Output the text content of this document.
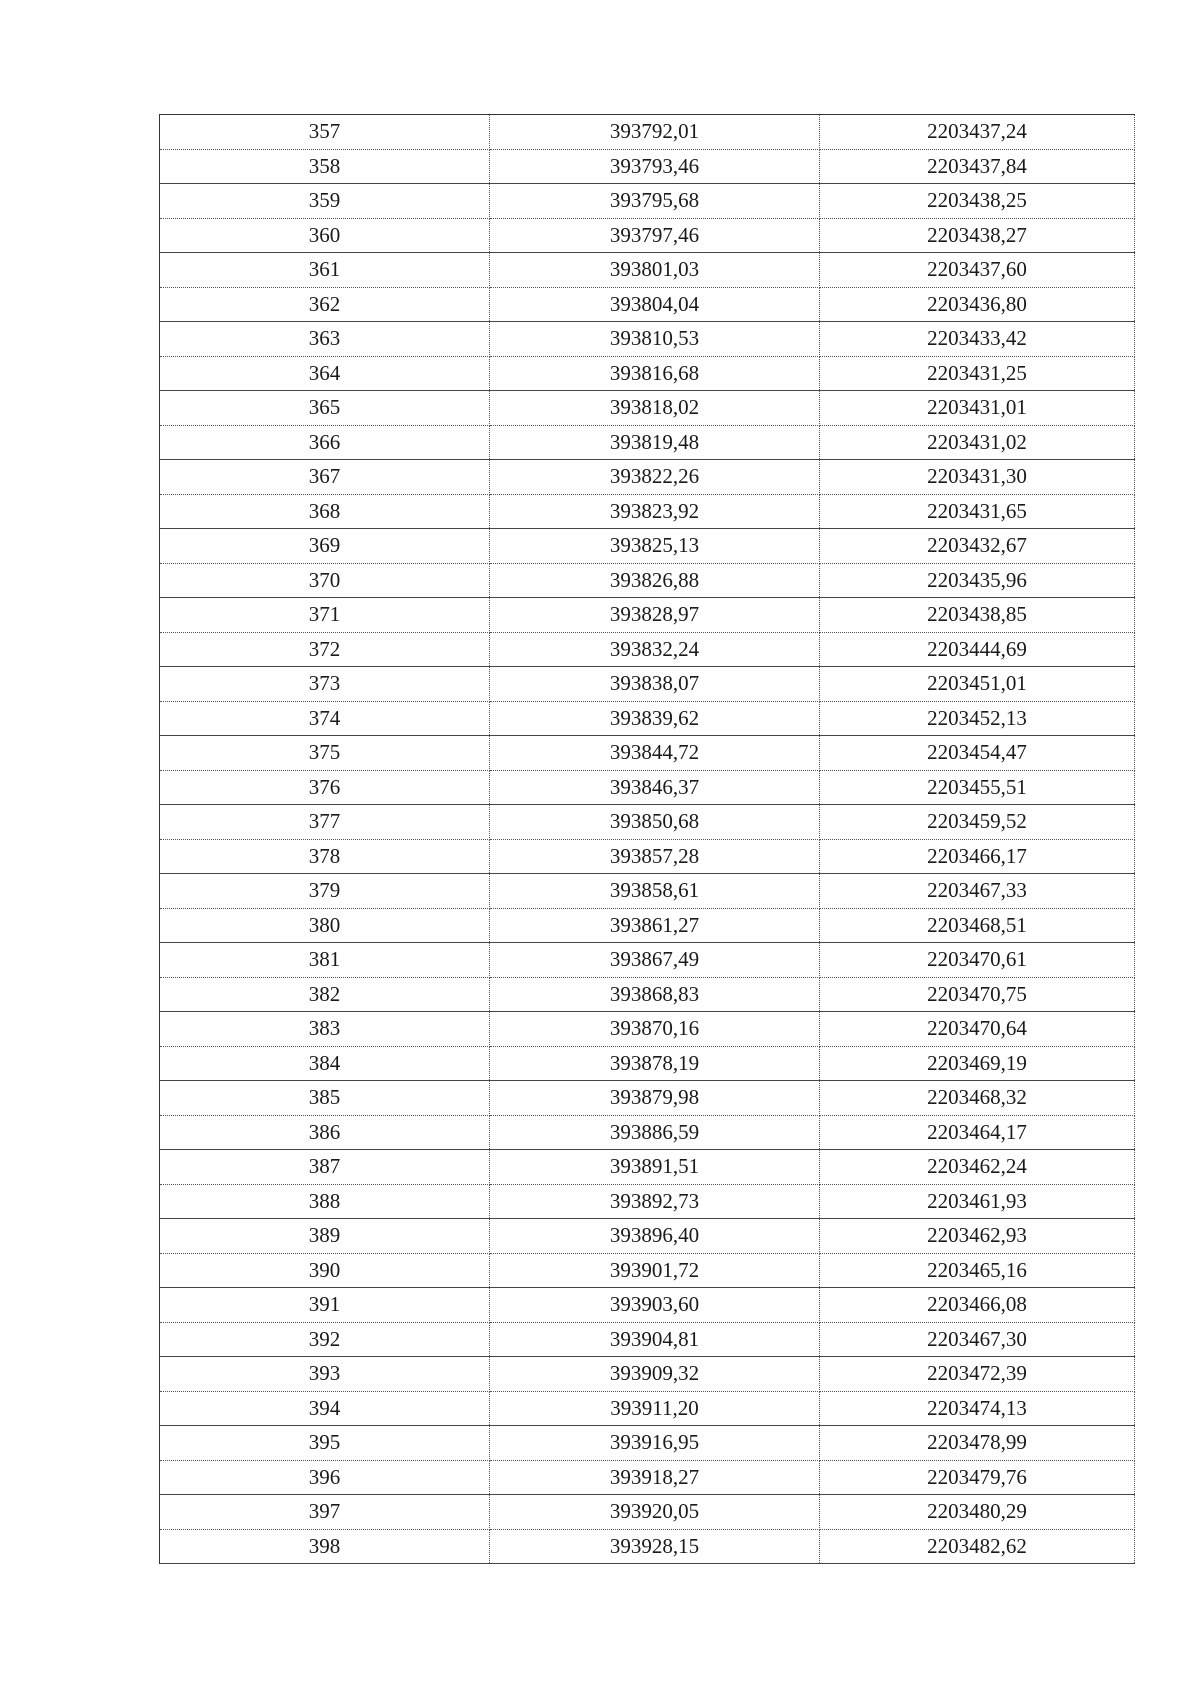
357	393792,01	2203437,24
358	393793,46	2203437,84
359	393795,68	2203438,25
360	393797,46	2203438,27
361	393801,03	2203437,60
362	393804,04	2203436,80
363	393810,53	2203433,42
364	393816,68	2203431,25
365	393818,02	2203431,01
366	393819,48	2203431,02
367	393822,26	2203431,30
368	393823,92	2203431,65
369	393825,13	2203432,67
370	393826,88	2203435,96
371	393828,97	2203438,85
372	393832,24	2203444,69
373	393838,07	2203451,01
374	393839,62	2203452,13
375	393844,72	2203454,47
376	393846,37	2203455,51
377	393850,68	2203459,52
378	393857,28	2203466,17
379	393858,61	2203467,33
380	393861,27	2203468,51
381	393867,49	2203470,61
382	393868,83	2203470,75
383	393870,16	2203470,64
384	393878,19	2203469,19
385	393879,98	2203468,32
386	393886,59	2203464,17
387	393891,51	2203462,24
388	393892,73	2203461,93
389	393896,40	2203462,93
390	393901,72	2203465,16
391	393903,60	2203466,08
392	393904,81	2203467,30
393	393909,32	2203472,39
394	393911,20	2203474,13
395	393916,95	2203478,99
396	393918,27	2203479,76
397	393920,05	2203480,29
398	393928,15	2203482,62
